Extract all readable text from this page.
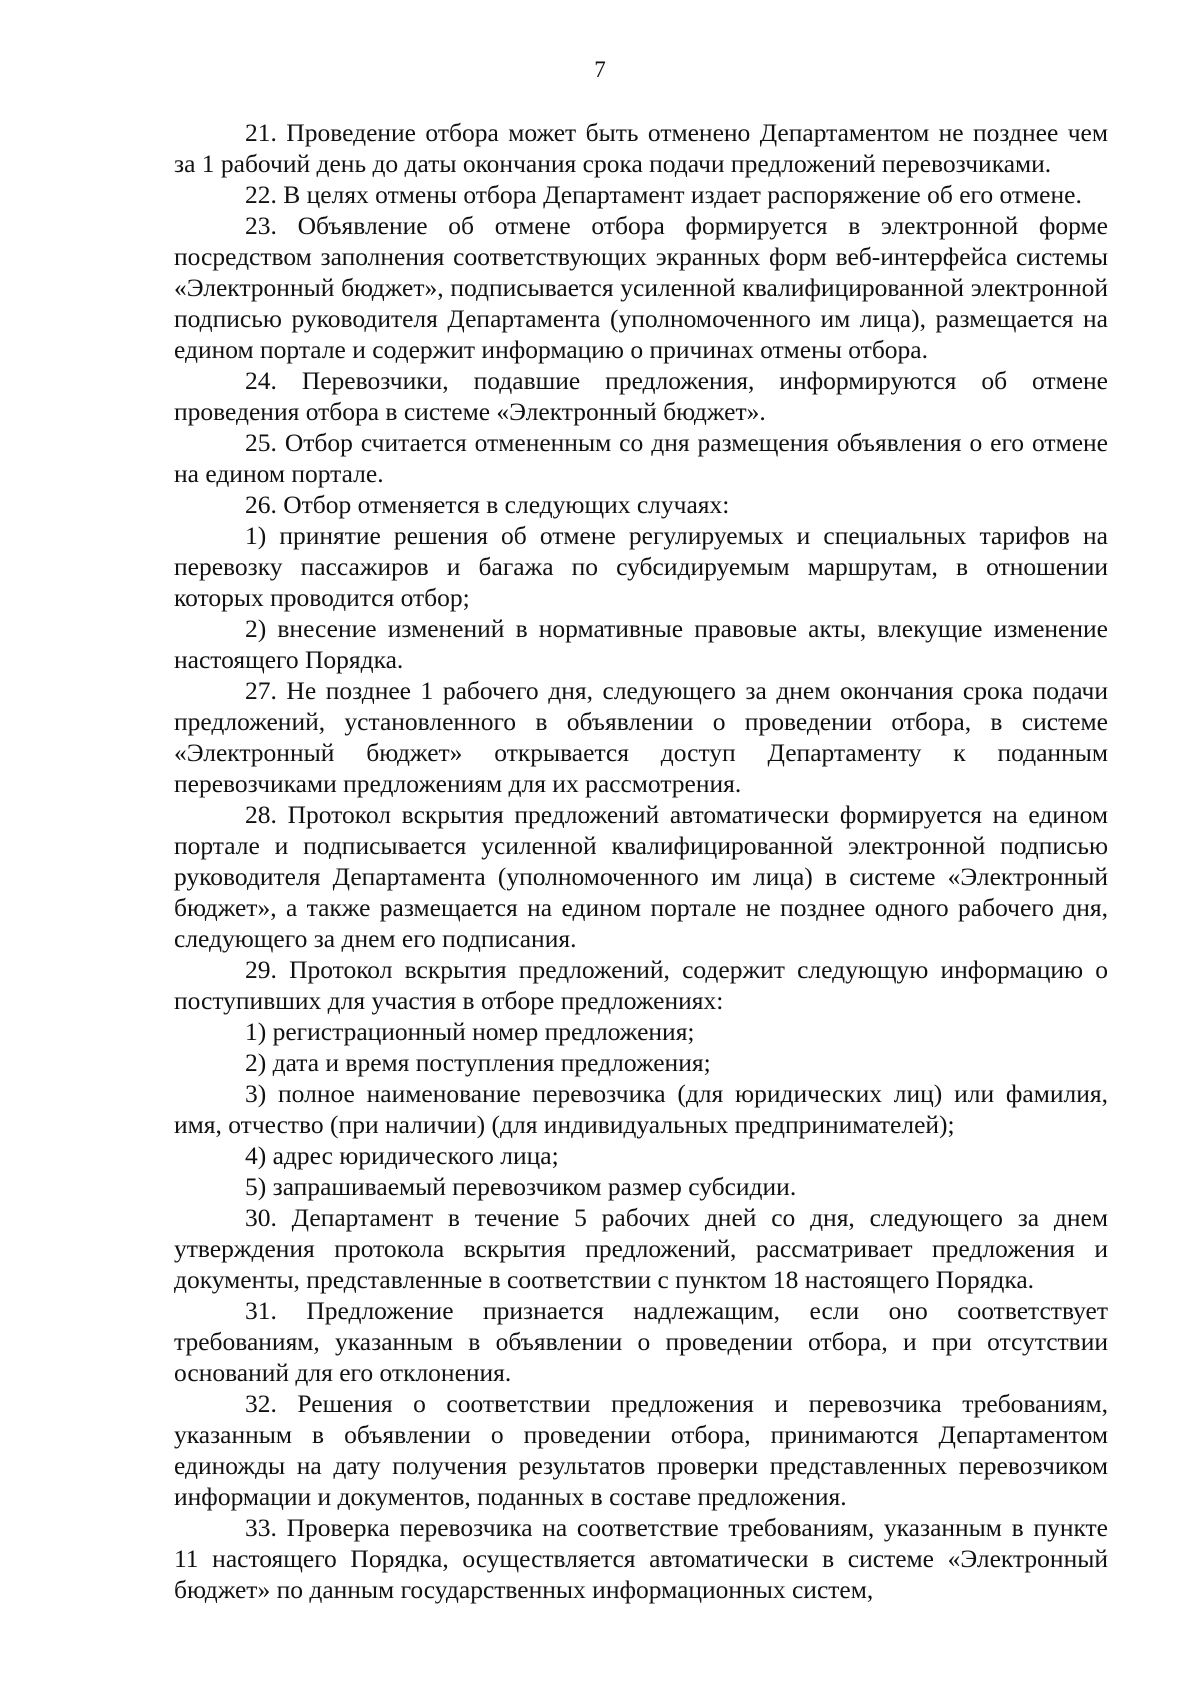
7

21. Проведение отбора может быть отменено Департаментом не позднее чем за 1 рабочий день до даты окончания срока подачи предложений перевозчиками.

22. В целях отмены отбора Департамент издает распоряжение об его отмене.

23. Объявление об отмене отбора формируется в электронной форме посредством заполнения соответствующих экранных форм веб-интерфейса системы «Электронный бюджет», подписывается усиленной квалифицированной электронной подписью руководителя Департамента (уполномоченного им лица), размещается на едином портале и содержит информацию о причинах отмены отбора.

24. Перевозчики, подавшие предложения, информируются об отмене проведения отбора в системе «Электронный бюджет».

25. Отбор считается отмененным со дня размещения объявления о его отмене на едином портале.

26. Отбор отменяется в следующих случаях:

1) принятие решения об отмене регулируемых и специальных тарифов на перевозку пассажиров и багажа по субсидируемым маршрутам, в отношении которых проводится отбор;

2) внесение изменений в нормативные правовые акты, влекущие изменение настоящего Порядка.

27. Не позднее 1 рабочего дня, следующего за днем окончания срока подачи предложений, установленного в объявлении о проведении отбора, в системе «Электронный бюджет» открывается доступ Департаменту к поданным перевозчиками предложениям для их рассмотрения.

28. Протокол вскрытия предложений автоматически формируется на едином портале и подписывается усиленной квалифицированной электронной подписью руководителя Департамента (уполномоченного им лица) в системе «Электронный бюджет», а также размещается на едином портале не позднее одного рабочего дня, следующего за днем его подписания.

29. Протокол вскрытия предложений, содержит следующую информацию о поступивших для участия в отборе предложениях:

1) регистрационный номер предложения;

2) дата и время поступления предложения;

3) полное наименование перевозчика (для юридических лиц) или фамилия, имя, отчество (при наличии) (для индивидуальных предпринимателей);

4) адрес юридического лица;

5) запрашиваемый перевозчиком размер субсидии.

30. Департамент в течение 5 рабочих дней со дня, следующего за днем утверждения протокола вскрытия предложений, рассматривает предложения и документы, представленные в соответствии с пунктом 18 настоящего Порядка.

31. Предложение признается надлежащим, если оно соответствует требованиям, указанным в объявлении о проведении отбора, и при отсутствии оснований для его отклонения.

32. Решения о соответствии предложения и перевозчика требованиям, указанным в объявлении о проведении отбора, принимаются Департаментом единожды на дату получения результатов проверки представленных перевозчиком информации и документов, поданных в составе предложения.

33. Проверка перевозчика на соответствие требованиям, указанным в пункте 11 настоящего Порядка, осуществляется автоматически в системе «Электронный бюджет» по данным государственных информационных систем,
